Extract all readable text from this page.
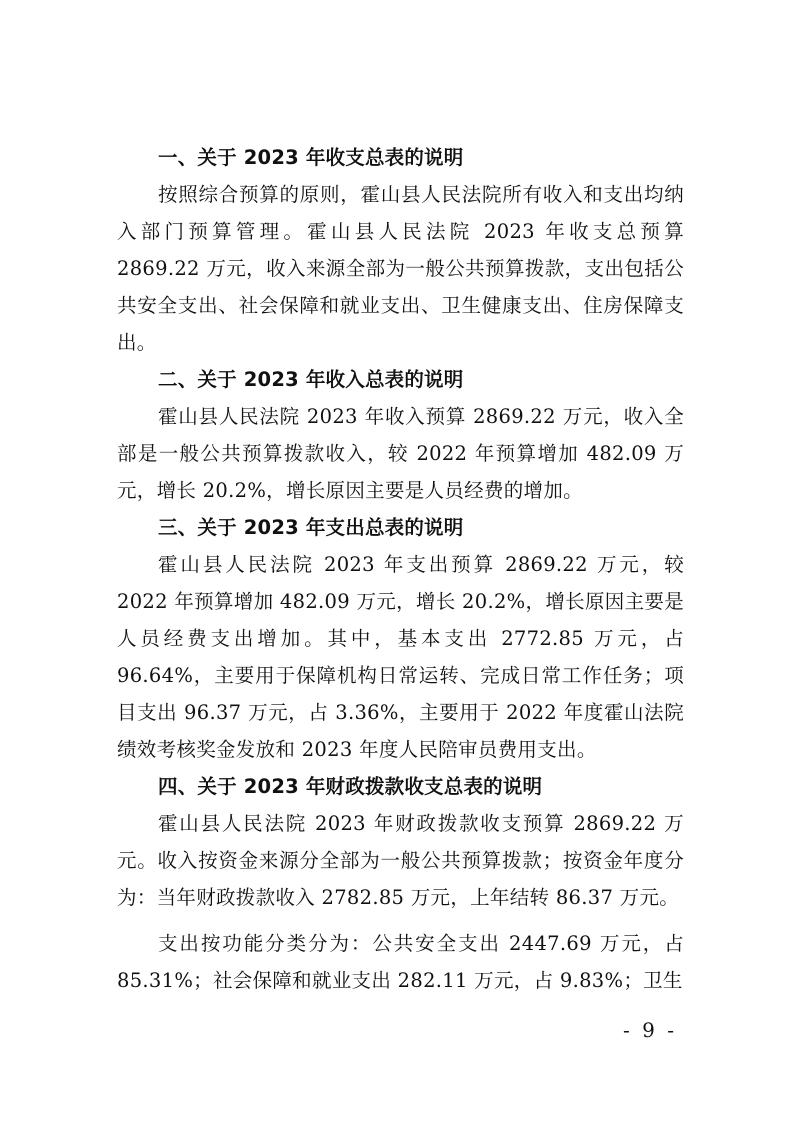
一、关于 2023 年收支总表的说明

按照综合预算的原则，霍山县人民法院所有收入和支出均纳入部门预算管理。霍山县人民法院 2023 年收支总预算 2869.22 万元，收入来源全部为一般公共预算拨款，支出包括公共安全支出、社会保障和就业支出、卫生健康支出、住房保障支出。

二、关于 2023 年收入总表的说明

霍山县人民法院 2023 年收入预算 2869.22 万元，收入全部是一般公共预算拨款收入，较 2022 年预算增加 482.09 万元，增长 20.2%，增长原因主要是人员经费的增加。

三、关于 2023 年支出总表的说明

霍山县人民法院 2023 年支出预算 2869.22 万元，较 2022 年预算增加 482.09 万元，增长 20.2%，增长原因主要是人员经费支出增加。其中，基本支出 2772.85 万元，占 96.64%，主要用于保障机构日常运转、完成日常工作任务；项目支出 96.37 万元，占 3.36%，主要用于 2022 年度霍山法院绩效考核奖金发放和 2023 年度人民陪审员费用支出。

四、关于 2023 年财政拨款收支总表的说明

霍山县人民法院 2023 年财政拨款收支预算 2869.22 万元。收入按资金来源分全部为一般公共预算拨款；按资金年度分为：当年财政拨款收入 2782.85 万元，上年结转 86.37 万元。

支出按功能分类分为：公共安全支出 2447.69 万元，占 85.31%；社会保障和就业支出 282.11 万元，占 9.83%；卫生

- 9 -
